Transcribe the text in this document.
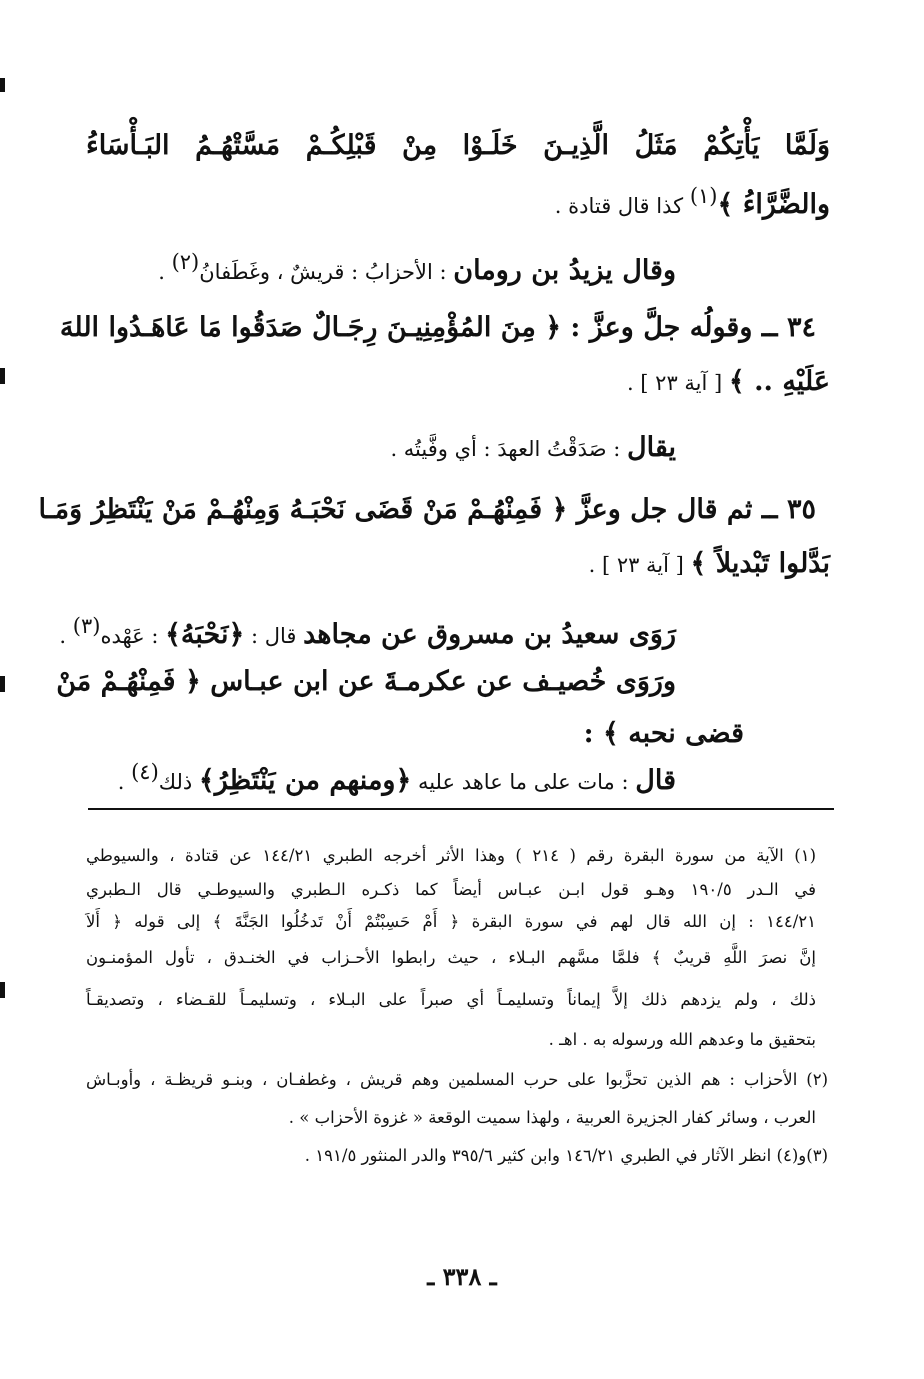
وَلَمَّا يَأْتِكُمْ مَثَلُ الَّذِيـنَ خَلَـوْا مِنْ قَبْلِكُـمْ مَسَّتْهُـمُ البَـأْسَاءُ
والضَّرَّاءُ ﴾$^{(١)}$ كذا قال قتادة .
وقال يزيدُ بن رومان : الأحزابُ : قريشٌ ، وغَطَفانُ$^{(٢)}$ .
٣٤ ــ وقولُه جلَّ وعزَّ : ﴿ مِنَ المُؤْمِنِيـنَ رِجَـالٌ صَدَقُوا مَا عَاهَـدُوا اللهَ
عَلَيْهِ .. ﴾ [ آية ٢٣ ] .
يقال : صَدَقْتُ العهدَ : أي وفَّيتُه .
٣٥ ــ ثم قال جل وعزَّ ﴿ فَمِنْهُـمْ مَنْ قَضَى نَحْبَـهُ وَمِنْهُـمْ مَنْ يَنْتَظِرُ وَمَـا
بَدَّلوا تَبْديلاً ﴾ [ آية ٢٣ ] .
رَوَى سعيدُ بن مسروق عن مجاهد قال : ﴿نَحْبَهُ﴾ : عَهْده$^{(٣)}$ .
ورَوَى خُصيـف عن عكرمـةَ عن ابن عبـاس ﴿ فَمِنْهُـمْ مَنْ
قضى نحبه ﴾ :
قال : مات على ما عاهد عليه ﴿ومنهم من يَنْتَظِرُ﴾ ذلك$^{(٤)}$ .
(١) الآية من سورة البقرة رقم ( ٢١٤ ) وهذا الأثر أخرجه الطبري ١٤٤/٢١ عن قتادة ، والسيوطي
في الـدر ١٩٠/٥ وهـو قول ابـن عبـاس أيضاً كما ذكـره الـطبري والسيوطـي قال الـطبري
١٤٤/٢١ : إن الله قال لهم في سورة البقرة ﴿ أَمْ حَسِبْتُمْ أَنْ تَدخُلُوا الجَنَّةَ ﴾ إلى قوله ﴿ أَلاَ
إنَّ نصرَ اللَّهِ قريبٌ ﴾ فلمَّا مسَّهم البـلاء ، حيث رابطوا الأحـزاب في الخنـدق ، تأول المؤمنـون
ذلك ، ولم يزدهم ذلك إلاَّ إيماناً وتسليمـاً أي صبراً على البـلاء ، وتسليمـاً للقـضاء ، وتصديقـاً
بتحقيق ما وعدهم الله ورسوله به . اهـ .
(٢) الأحزاب : هم الذين تحزَّبوا على حرب المسلمين وهم قريش ، وغطفـان ، وبنـو قريظـة ، وأوبـاش
العرب ، وسائر كفار الجزيرة العربية ، ولهذا سميت الوقعة « غزوة الأحزاب » .
(٣)و(٤) انظر الآثار في الطبري ١٤٦/٢١ وابن كثير ٣٩٥/٦ والدر المنثور ١٩١/٥ .
ـ ٣٣٨ ـ
